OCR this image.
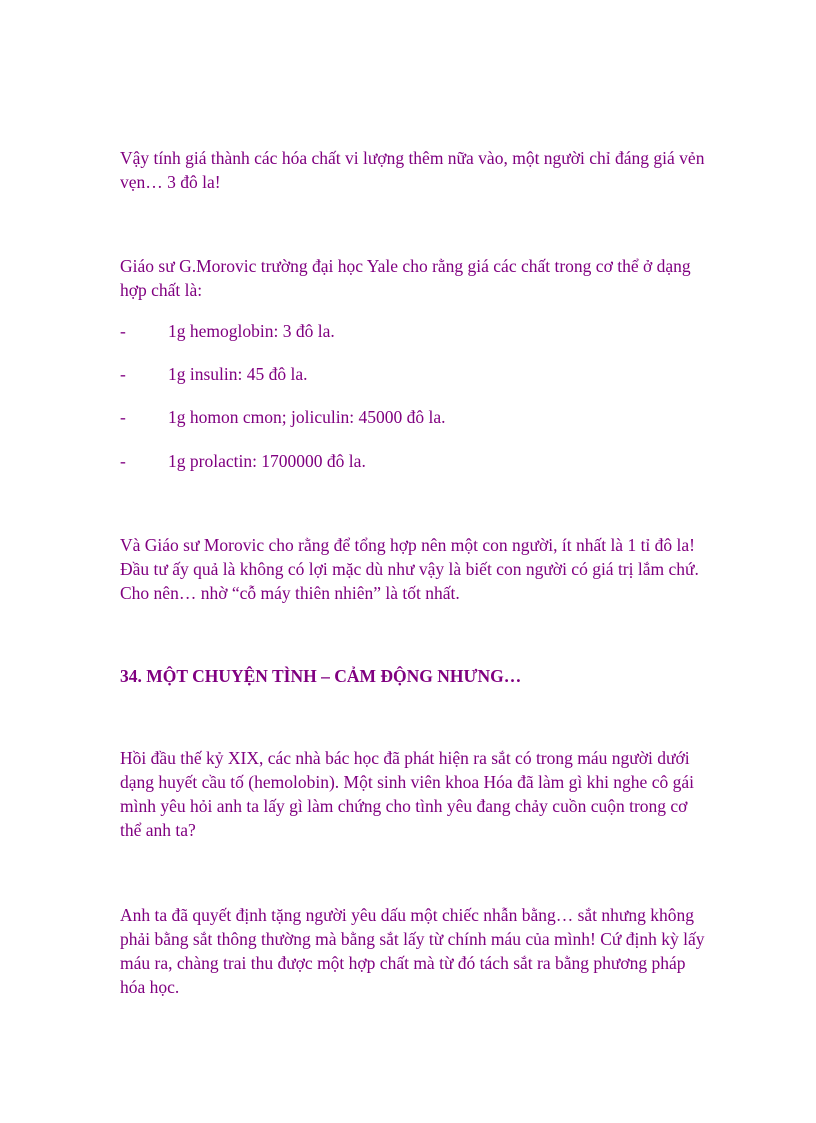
Vậy tính giá thành các hóa chất vi lượng thêm nữa vào, một người chỉ đáng giá vẻn vẹn… 3 đô la!

Giáo sư G.Morovic trường đại học Yale cho rằng giá các chất trong cơ thể ở dạng hợp chất là:

- 1g hemoglobin: 3 đô la.
- 1g insulin: 45 đô la.
- 1g homon cmon; joliculin: 45000 đô la.
- 1g prolactin: 1700000 đô la.

Và Giáo sư Morovic cho rằng để tổng hợp nên một con người, ít nhất là 1 tỉ đô la! Đầu tư ấy quả là không có lợi mặc dù như vậy là biết con người có giá trị lắm chứ. Cho nên… nhờ “cỗ máy thiên nhiên” là tốt nhất.

34. MỘT CHUYỆN TÌNH – CẢM ĐỘNG NHƯNG…

Hồi đầu thế kỷ XIX, các nhà bác học đã phát hiện ra sắt có trong máu người dưới dạng huyết cầu tố (hemolobin). Một sinh viên khoa Hóa đã làm gì khi nghe cô gái mình yêu hỏi anh ta lấy gì làm chứng cho tình yêu đang chảy cuồn cuộn trong cơ thể anh ta?

Anh ta đã quyết định tặng người yêu dấu một chiếc nhẫn bằng… sắt nhưng không phải bằng sắt thông thường mà bằng sắt lấy từ chính máu của mình! Cứ định kỳ lấy máu ra, chàng trai thu được một hợp chất mà từ đó tách sắt ra bằng phương pháp hóa học.
